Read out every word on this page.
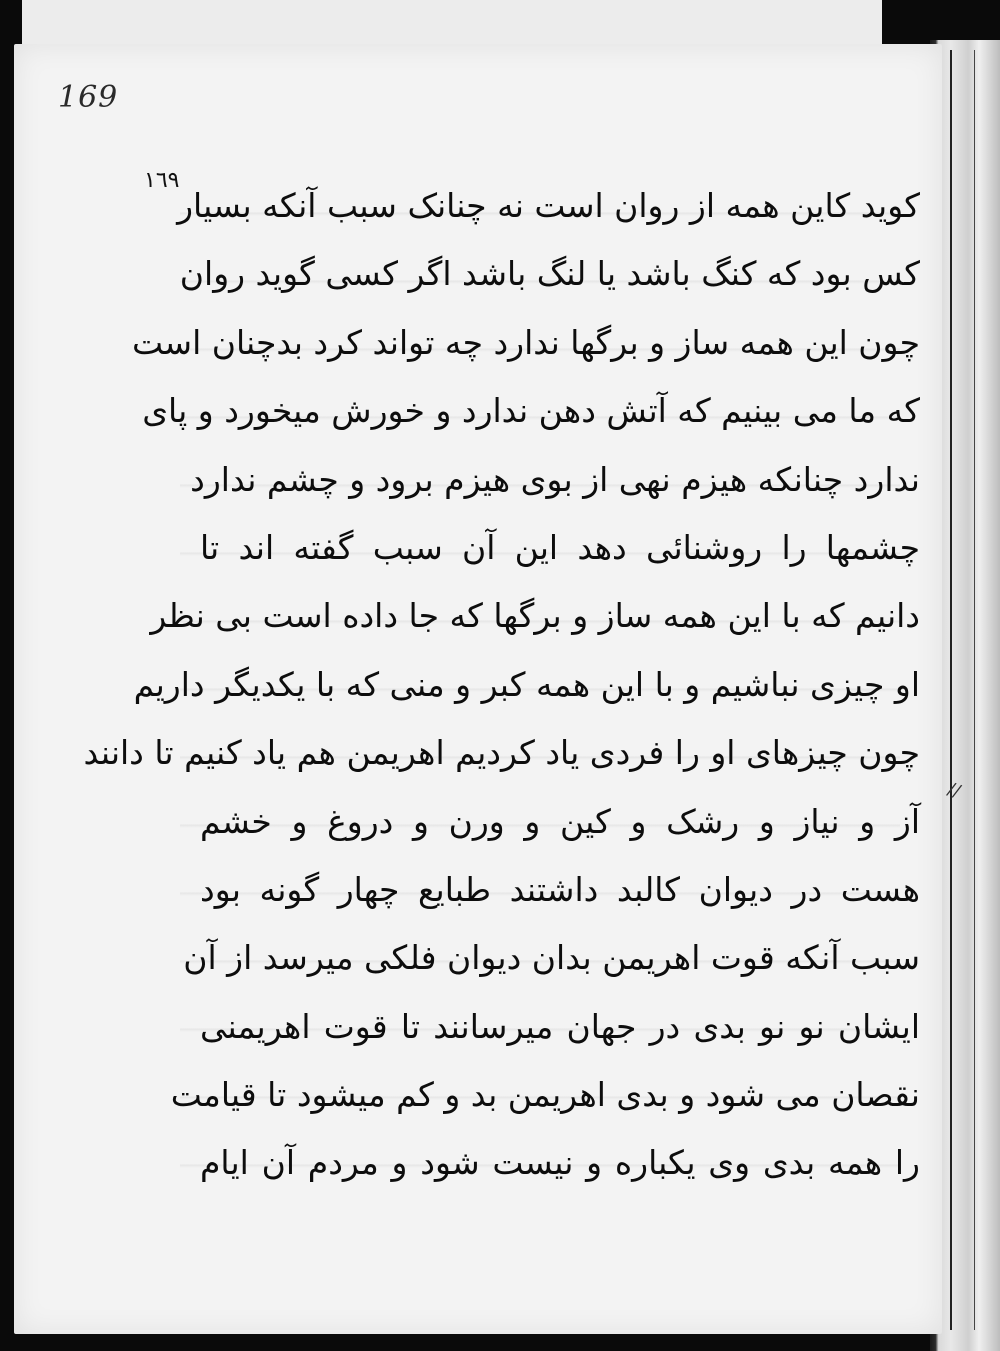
//
169
١٦٩
کوید کاین همه از روان است نه چنانک سبب آنکه بسیار
کس بود که کنگ باشد یا لنگ باشد اگر کسی گوید روان
چون این همه ساز و برگها ندارد چه تواند کرد بدچنان است
که ما می بینیم که آتش دهن ندارد و خورش میخورد و پای
ندارد چنانکه هیزم نهی از بوی هیزم برود و چشم ندارد
چشمها را روشنائی دهد این آن سبب گفته اند تا
دانیم که با این همه ساز و برگها که جا داده است بی نظر
او چیزی نباشیم و با این همه کبر و منی که با یکدیگر داریم
چون چیزهای او را فردی یاد کردیم اهریمن هم یاد کنیم تا دانند
آز و نیاز و رشک و کین و ورن و دروغ و خشم
هست در دیوان کالبد داشتند طبایع چهار گونه بود
سبب آنکه قوت اهریمن بدان دیوان فلکی میرسد از آن
ایشان نو نو بدی در جهان میرسانند تا قوت اهریمنی
نقصان می شود و بدی اهریمن بد و کم میشود تا قیامت
را همه بدی وی یکباره و نیست شود و مردم آن ایام
